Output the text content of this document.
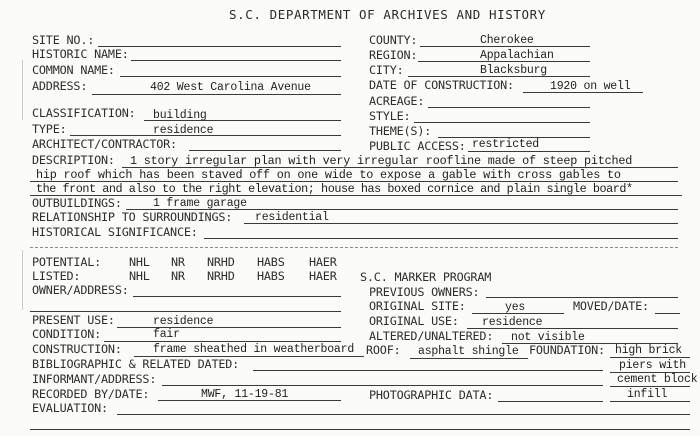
S.C. DEPARTMENT OF ARCHIVES AND HISTORY
SITE NO.:
HISTORIC NAME:
COMMON NAME:
ADDRESS:	402 West Carolina Avenue
COUNTY:	Cherokee
REGION:	Appalachian
CITY:	Blacksburg
DATE OF CONSTRUCTION:	1920 on well
ACREAGE:
CLASSIFICATION: building
TYPE:	residence
ARCHITECT/CONTRACTOR:
STYLE:
THEME(S):
PUBLIC ACCESS: restricted
DESCRIPTION: 1 story irregular plan with very irregular roofline made of steep pitched
hip roof which has been staved off on one wide to expose a gable with cross gables to
the front and also to the right elevation; house has boxed cornice and plain single board*
OUTBUILDINGS:	1 frame garage
RELATIONSHIP TO SURROUNDINGS: residential
HISTORICAL SIGNIFICANCE:
POTENTIAL: NHL NR NRHD HABS HAER
LISTED:	NHL NR NRHD HABS HAER S.C. MARKER PROGRAM
OWNER/ADDRESS:	PREVIOUS OWNERS:
ORIGINAL SITE:	yes	MOVED/DATE:
PRESENT USE:	residence	ORIGINAL USE: residence
CONDITION:	fair	ALTERED/UNALTERED: not visible
CONSTRUCTION:	frame sheathed in weatherboard ROOF: asphalt shingle FOUNDATION: high brick
piers with
cement block
infill
BIBLIOGRAPHIC & RELATED DATED:
INFORMANT/ADDRESS:
RECORDED BY/DATE:	MWF, 11-19-81	PHOTOGRAPHIC DATA:
EVALUATION:
